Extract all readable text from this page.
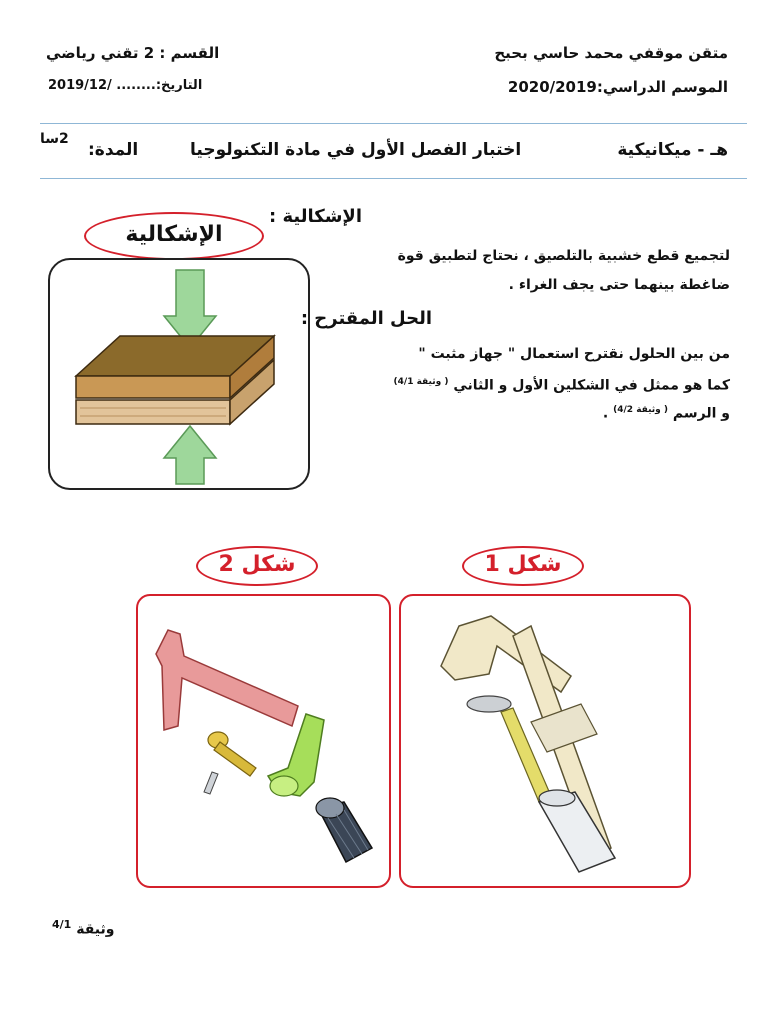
متقن موقفي محمد حاسي بحبح
القسم : 2 تقني رياضي
الموسم الدراسي:2020/2019
التاريخ:........ /2019/12
هـ - ميكانيكية
اختبار الفصل الأول في مادة التكنولوجيا
المدة:
2سا
الإشكالية
الإشكالية :
لتجميع قطع خشبية بالتلصيق ، نحتاج لتطبيق قوة
ضاغطة بينهما حتى يجف الغراء .
الحل المقترح :
من بين الحلول نقترح استعمال " جهاز مثبت "
كما هو ممثل في الشكلين الأول و الثاني $^{( وثيقة 4/1)}$
و الرسم $^{( وثيقة 4/2)}$ .
شكل 2	شكل 1
وثيقة $^{4/1}$
